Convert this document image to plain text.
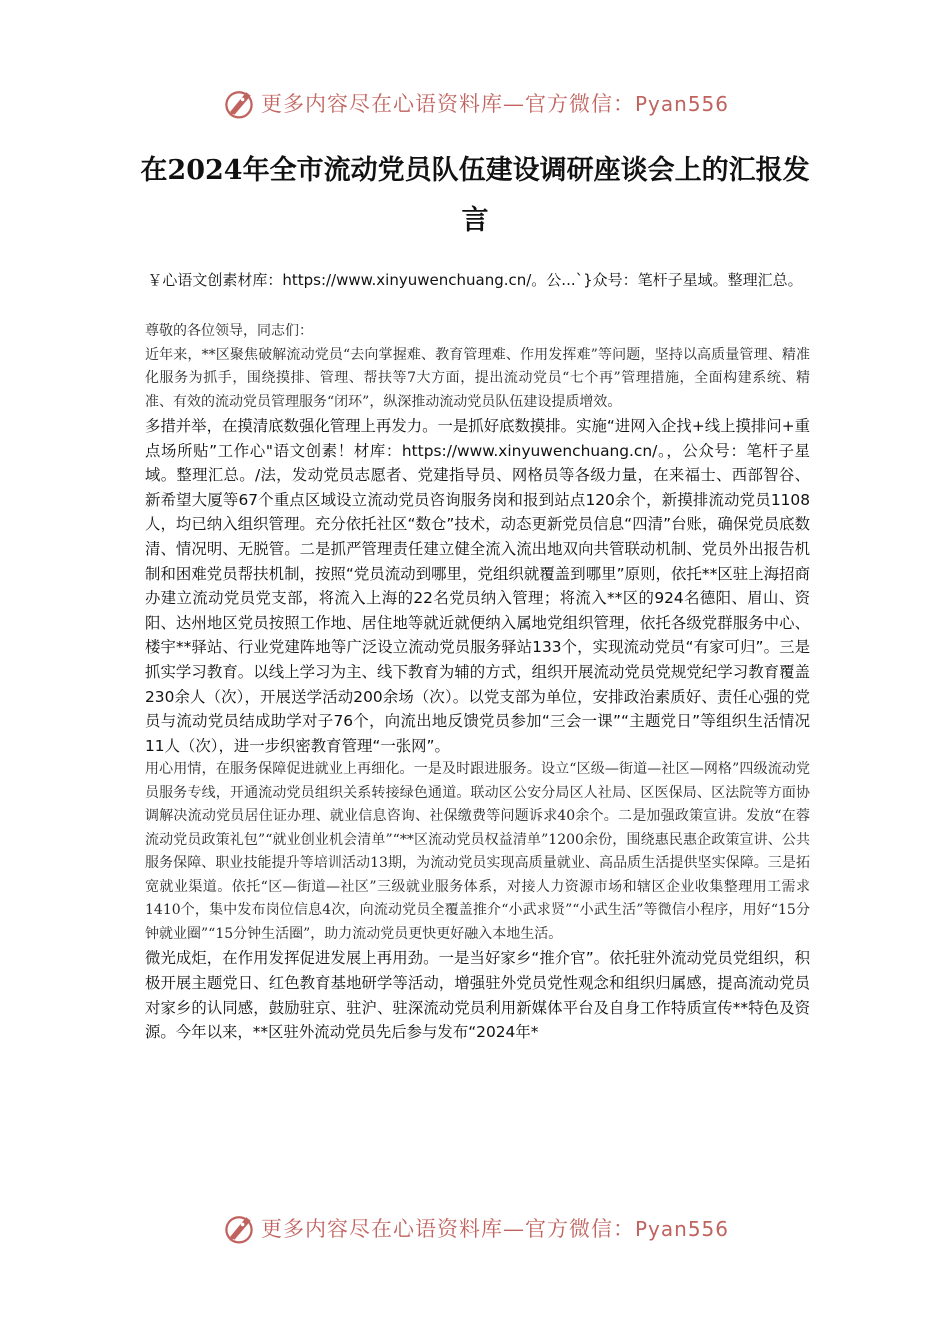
更多内容尽在心语资料库—官方微信：Pyan556
在2024年全市流动党员队伍建设调研座谈会上的汇报发言
￥心语文创素材库：https://www.xinyuwenchuang.cn/。公...`}众号：笔杆子星域。整理汇总。

尊敬的各位领导，同志们：

近年来，**区聚焦破解流动党员“去向掌握难、教育管理难、作用发挥难”等问题，坚持以高质量管理、精准化服务为抓手，围绕摸排、管理、帮扶等7大方面，提出流动党员“七个再”管理措施，全面构建系统、精准、有效的流动党员管理服务“闭环”，纵深推动流动党员队伍建设提质增效。

多措并举，在摸清底数强化管理上再发力。一是抓好底数摸排。实施“进网入企找+线上摸排问+重点场所贴”工作心"语文创素！材库：https://www.xinyuwenchuang.cn/。，公众号：笔杆子星域。整理汇总。/法，发动党员志愿者、党建指导员、网格员等各级力量，在来福士、西部智谷、新希望大厦等67个重点区域设立流动党员咨询服务岗和报到站点120余个，新摸排流动党员1108人，均已纳入组织管理。充分依托社区“数仓”技术，动态更新党员信息“四清”台账，确保党员底数清、情况明、无脱管。二是抓严管理责任建立健全流入流出地双向共管联动机制、党员外出报告机制和困难党员帮扶机制，按照“党员流动到哪里，党组织就覆盖到哪里”原则，依托**区驻上海招商办建立流动党员党支部，将流入上海的22名党员纳入管理；将流入**区的924名德阳、眉山、资阳、达州地区党员按照工作地、居住地等就近就便纳入属地党组织管理，依托各级党群服务中心、楼宇**驿站、行业党建阵地等广泛设立流动党员服务驿站133个，实现流动党员“有家可归”。三是抓实学习教育。以线上学习为主、线下教育为辅的方式，组织开展流动党员党规党纪学习教育覆盖230余人（次），开展送学活动200余场（次）。以党支部为单位，安排政治素质好、责任心强的党员与流动党员结成助学对子76个，向流出地反馈党员参加“三会一课”“主题党日”等组织生活情况11人（次），进一步织密教育管理“一张网”。

用心用情，在服务保障促进就业上再细化。一是及时跟进服务。设立“区级—街道—社区—网格”四级流动党员服务专线，开通流动党员组织关系转接绿色通道。联动区公安分局区人社局、区医保局、区法院等方面协调解决流动党员居住证办理、就业信息咨询、社保缴费等问题诉求40余个。二是加强政策宣讲。发放“在蓉流动党员政策礼包”“就业创业机会清单”“**区流动党员权益清单”1200余份，围绕惠民惠企政策宣讲、公共服务保障、职业技能提升等培训活动13期，为流动党员实现高质量就业、高品质生活提供坚实保障。三是拓宽就业渠道。依托“区—街道—社区”三级就业服务体系，对接人力资源市场和辖区企业收集整理用工需求1410个，集中发布岗位信息4次，向流动党员全覆盖推介“小武求贤”“小武生活”等微信小程序，用好“15分钟就业圈”“15分钟生活圈”，助力流动党员更快更好融入本地生活。

微光成炬，在作用发挥促进发展上再用劲。一是当好家乡“推介官”。依托驻外流动党员党组织，积极开展主题党日、红色教育基地研学等活动，增强驻外党员党性观念和组织归属感，提高流动党员对家乡的认同感，鼓励驻京、驻沪、驻深流动党员利用新媒体平台及自身工作特质宣传**特色及资源。今年以来，**区驻外流动党员先后参与发布“2024年*

更多内容尽在心语资料库—官方微信：Pyan556
